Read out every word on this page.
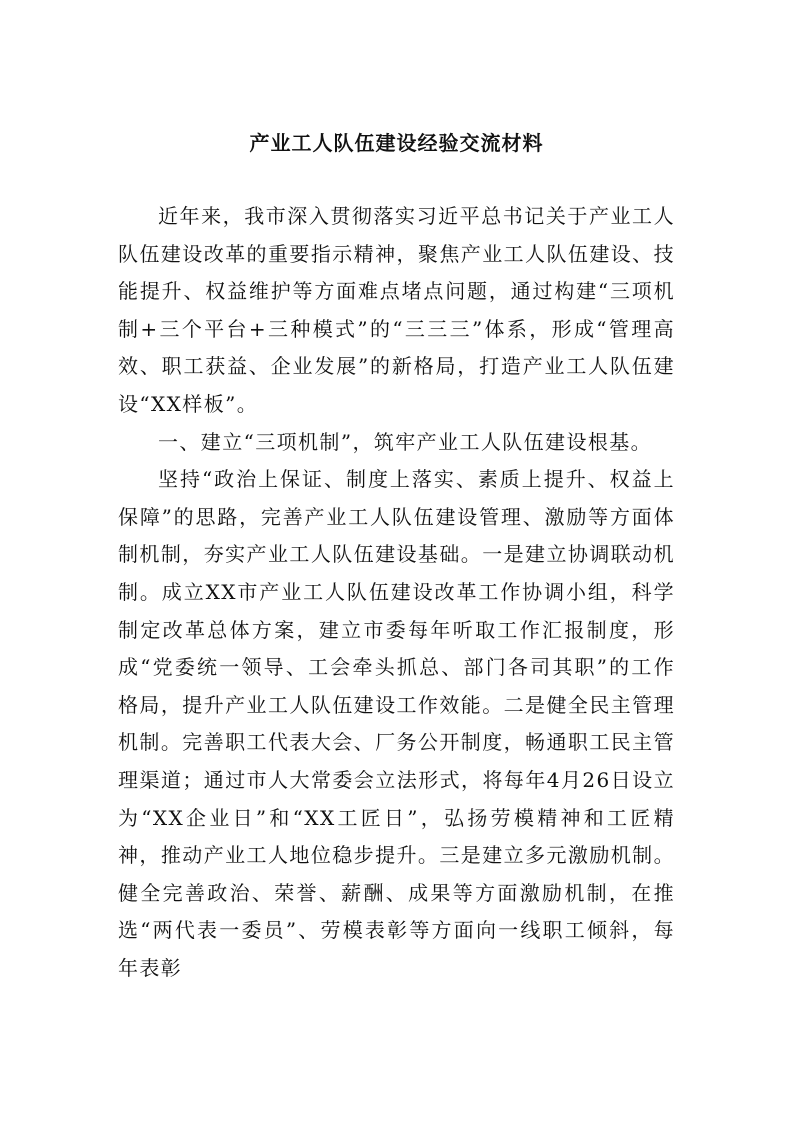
产业工人队伍建设经验交流材料

近年来，我市深入贯彻落实习近平总书记关于产业工人队伍建设改革的重要指示精神，聚焦产业工人队伍建设、技能提升、权益维护等方面难点堵点问题，通过构建“三项机制+三个平台+三种模式”的“三三三”体系，形成“管理高效、职工获益、企业发展”的新格局，打造产业工人队伍建设“XX样板”。

一、建立“三项机制”，筑牢产业工人队伍建设根基。

坚持“政治上保证、制度上落实、素质上提升、权益上保障”的思路，完善产业工人队伍建设管理、激励等方面体制机制，夯实产业工人队伍建设基础。一是建立协调联动机制。成立XX市产业工人队伍建设改革工作协调小组，科学制定改革总体方案，建立市委每年听取工作汇报制度，形成“党委统一领导、工会牵头抓总、部门各司其职”的工作格局，提升产业工人队伍建设工作效能。二是健全民主管理机制。完善职工代表大会、厂务公开制度，畅通职工民主管理渠道；通过市人大常委会立法形式，将每年4月26日设立为“XX企业日”和“XX工匠日”，弘扬劳模精神和工匠精神，推动产业工人地位稳步提升。三是建立多元激励机制。健全完善政治、荣誉、薪酬、成果等方面激励机制，在推选“两代表一委员”、劳模表彰等方面向一线职工倾斜，每年表彰
